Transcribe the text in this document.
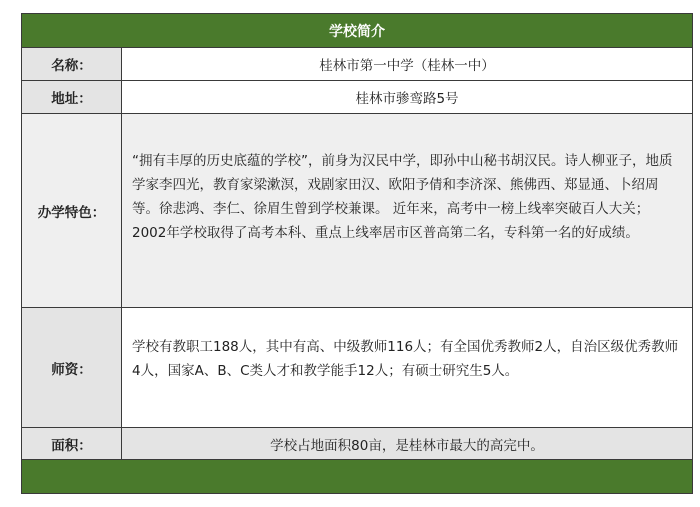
学校简介
名称：	桂林市第一中学（桂林一中）
地址：	桂林市骖鸾路5号
办学特色：
“拥有丰厚的历史底蕴的学校”，前身为汉民中学，即孙中山秘书胡汉民。诗人柳亚子，地质学家李四光，教育家梁漱溟，戏剧家田汉、欧阳予倩和李济深、熊佛西、郑显通、卜绍周等。徐悲鸿、李仁、徐眉生曾到学校兼课。 近年来，高考中一榜上线率突破百人大关；2002年学校取得了高考本科、重点上线率居市区普高第二名，专科第一名的好成绩。
师资：
学校有教职工188人，其中有高、中级教师116人；有全国优秀教师2人，自治区级优秀教师4人，国家A、B、C类人才和教学能手12人；有硕士研究生5人。
面积：	学校占地面积80亩，是桂林市最大的高完中。
